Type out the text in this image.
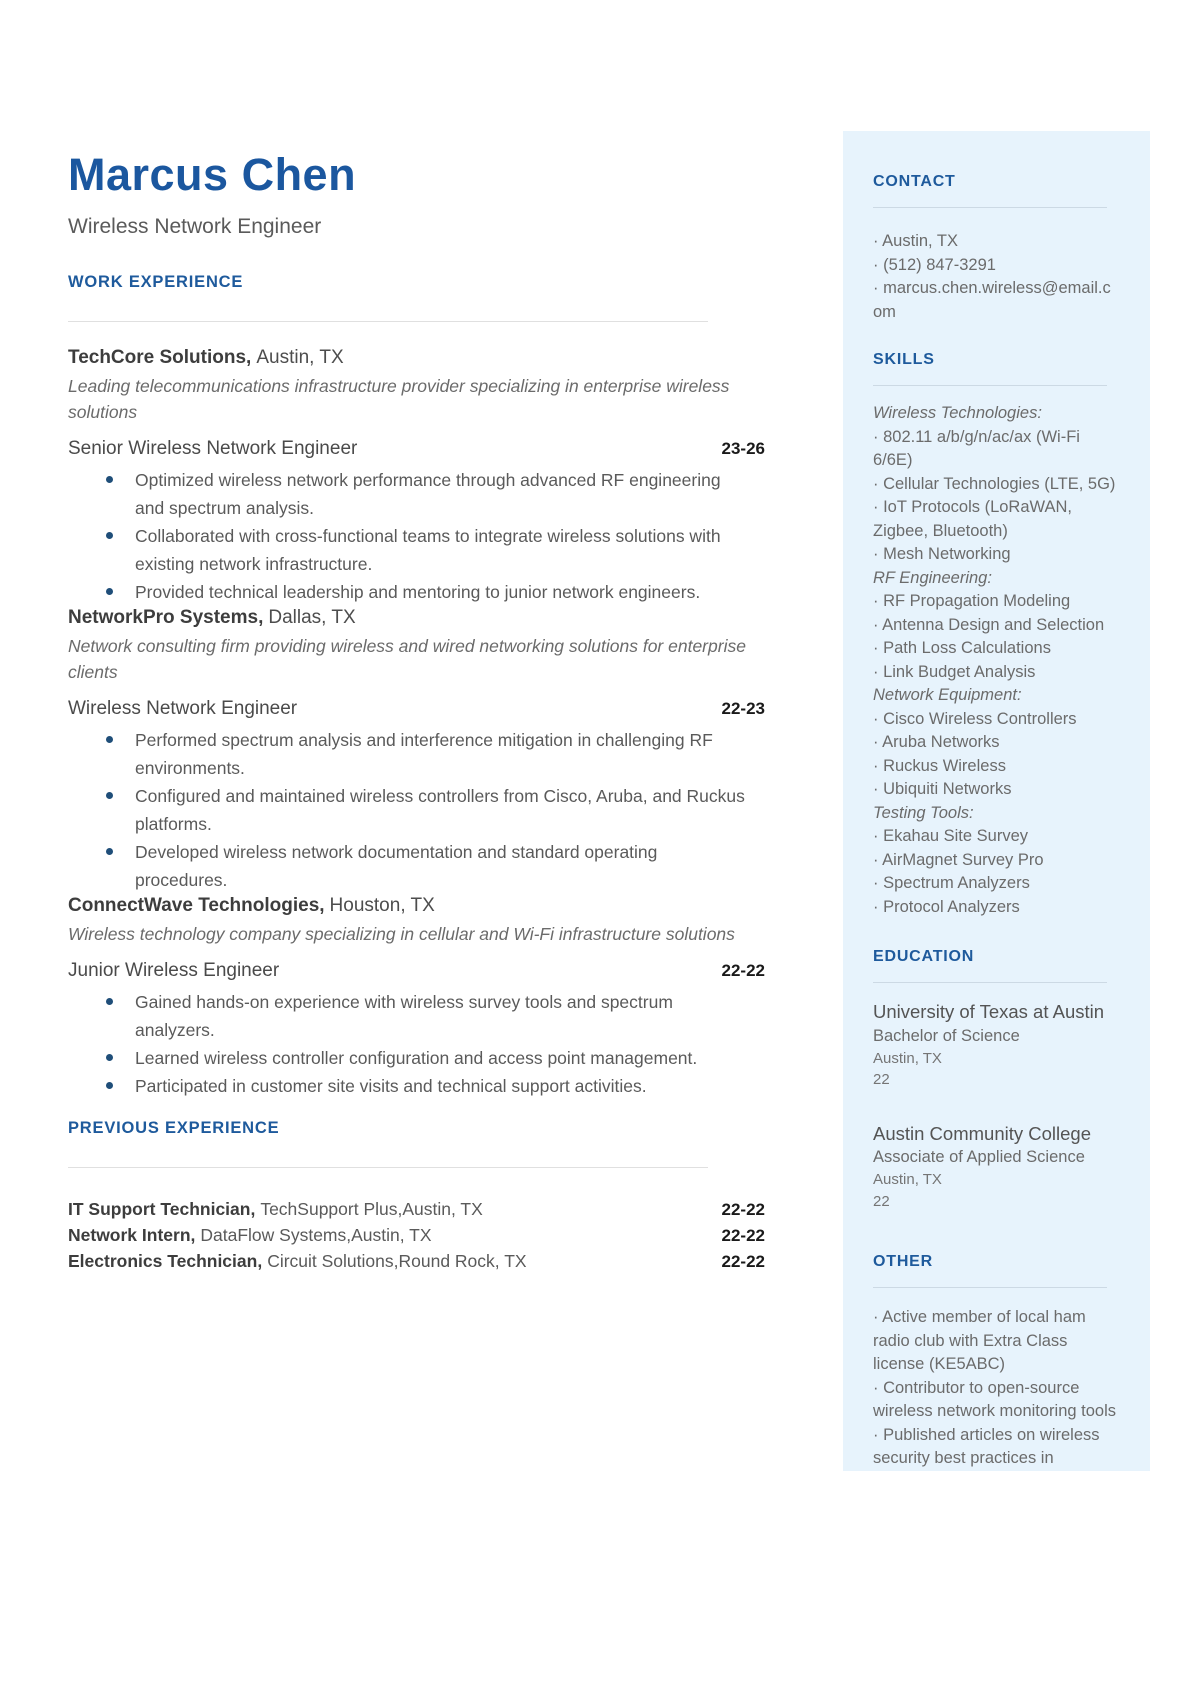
Marcus Chen
Wireless Network Engineer
WORK EXPERIENCE
TechCore Solutions, Austin, TX
Leading telecommunications infrastructure provider specializing in enterprise wireless solutions
Senior Wireless Network Engineer	23-26
Optimized wireless network performance through advanced RF engineering and spectrum analysis.
Collaborated with cross-functional teams to integrate wireless solutions with existing network infrastructure.
Provided technical leadership and mentoring to junior network engineers.
NetworkPro Systems, Dallas, TX
Network consulting firm providing wireless and wired networking solutions for enterprise clients
Wireless Network Engineer	22-23
Performed spectrum analysis and interference mitigation in challenging RF environments.
Configured and maintained wireless controllers from Cisco, Aruba, and Ruckus platforms.
Developed wireless network documentation and standard operating procedures.
ConnectWave Technologies, Houston, TX
Wireless technology company specializing in cellular and Wi-Fi infrastructure solutions
Junior Wireless Engineer	22-22
Gained hands-on experience with wireless survey tools and spectrum analyzers.
Learned wireless controller configuration and access point management.
Participated in customer site visits and technical support activities.
PREVIOUS EXPERIENCE
IT Support Technician, TechSupport Plus,Austin, TX	22-22
Network Intern, DataFlow Systems,Austin, TX	22-22
Electronics Technician, Circuit Solutions,Round Rock, TX	22-22
CONTACT
· Austin, TX
· (512) 847-3291
· marcus.chen.wireless@email.com
SKILLS
Wireless Technologies:
· 802.11 a/b/g/n/ac/ax (Wi-Fi 6/6E)
· Cellular Technologies (LTE, 5G)
· IoT Protocols (LoRaWAN, Zigbee, Bluetooth)
· Mesh Networking
RF Engineering:
· RF Propagation Modeling
· Antenna Design and Selection
· Path Loss Calculations
· Link Budget Analysis
Network Equipment:
· Cisco Wireless Controllers
· Aruba Networks
· Ruckus Wireless
· Ubiquiti Networks
Testing Tools:
· Ekahau Site Survey
· AirMagnet Survey Pro
· Spectrum Analyzers
· Protocol Analyzers
EDUCATION
University of Texas at Austin
Bachelor of Science
Austin, TX
22
Austin Community College
Associate of Applied Science
Austin, TX
22
OTHER
· Active member of local ham radio club with Extra Class license (KE5ABC)
· Contributor to open-source wireless network monitoring tools
· Published articles on wireless security best practices in
